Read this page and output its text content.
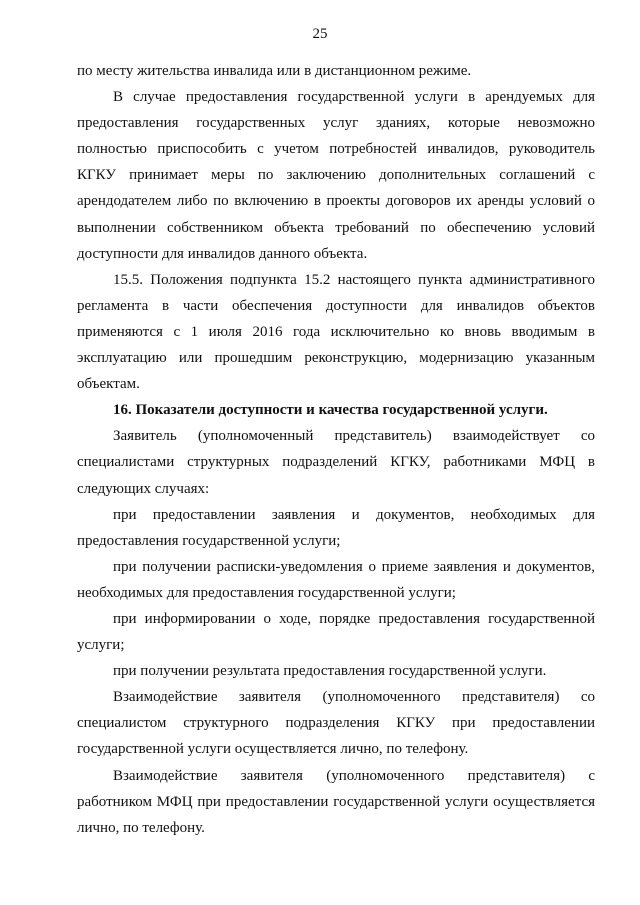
25

по месту жительства инвалида или в дистанционном режиме.

В случае предоставления государственной услуги в арендуемых для предоставления государственных услуг зданиях, которые невозможно полностью приспособить с учетом потребностей инвалидов, руководитель КГКУ принимает меры по заключению дополнительных соглашений с арендодателем либо по включению в проекты договоров их аренды условий о выполнении собственником объекта требований по обеспечению условий доступности для инвалидов данного объекта.

15.5. Положения подпункта 15.2 настоящего пункта административного регламента в части обеспечения доступности для инвалидов объектов применяются с 1 июля 2016 года исключительно ко вновь вводимым в эксплуатацию или прошедшим реконструкцию, модернизацию указанным объектам.

16. Показатели доступности и качества государственной услуги.

Заявитель (уполномоченный представитель) взаимодействует со специалистами структурных подразделений КГКУ, работниками МФЦ в следующих случаях:

при предоставлении заявления и документов, необходимых для предоставления государственной услуги;

при получении расписки-уведомления о приеме заявления и документов, необходимых для предоставления государственной услуги;

при информировании о ходе, порядке предоставления государственной услуги;

при получении результата предоставления государственной услуги.

Взаимодействие заявителя (уполномоченного представителя) со специалистом структурного подразделения КГКУ при предоставлении государственной услуги осуществляется лично, по телефону.

Взаимодействие заявителя (уполномоченного представителя) с работником МФЦ при предоставлении государственной услуги осуществляется лично, по телефону.
